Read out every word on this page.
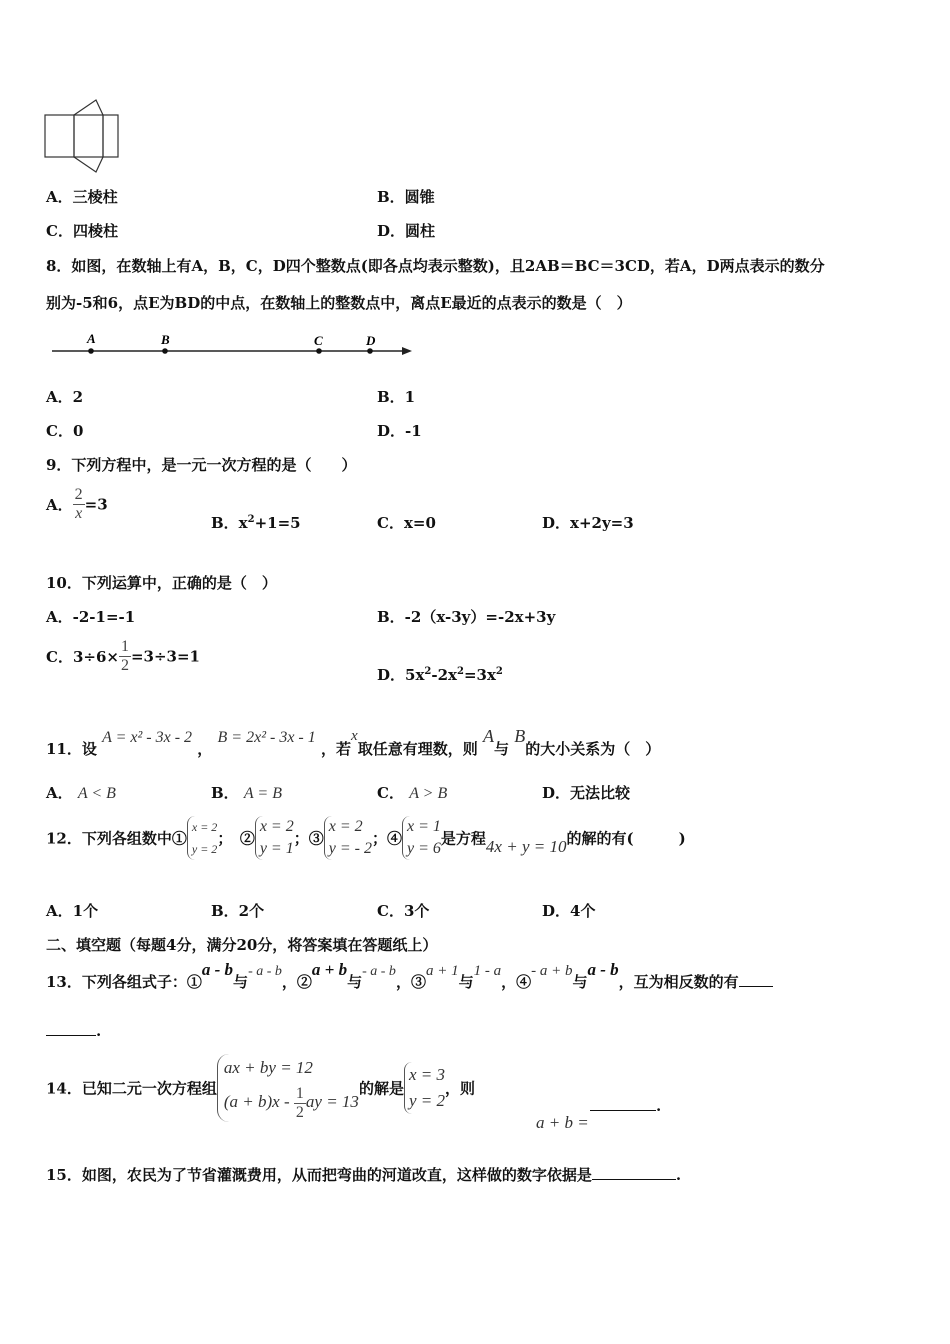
A．三棱柱	B．圆锥
C．四棱柱	D．圆柱
8．如图，在数轴上有A，B，C，D四个整数点(即各点均表示整数)，且2AB＝BC＝3CD，若A，D两点表示的数分
别为-5和6，点E为BD的中点，在数轴上的整数点中，离点E最近的点表示的数是（　）
A	B	C	D
A．2	B．1
C．0	D．-1
9．下列方程中，是一元一次方程的是（　　）
A． $\frac{2}{x} =3$
B．$x^2+1=5$	C．x=0	D．x+2y=3
10．下列运算中，正确的是（　）
A．-2-1=-1	B．-2（x-3y）=-2x+3y
C．$3\div 6\times \frac{1}{2} =3\div 3=1$
D．$5x^2-2x^2=3x^2$
11．设 A = x² - 3x - 2 ， B = 2x² - 3x - 1 ，若x取任意有理数，则 A与 B的大小关系为（　）
A． A < B	B． A = B	C． A > B	D．无法比较
12．下列各组数中①
x = 2
y = 2
；　②
x = 2
y = 1
；③
x = 2
y = - 2
；④
x = 1
y = 6
是方程4x + y = 10的解的有(　　　)
A．1个	B．2个	C．3个	D．4个
二、填空题（每题4分，满分20分，将答案填在答题纸上）
13．下列各组式子：①a - b与- a - b，②a + b与- a - b，③a + 1与1 - a，④- a + b与a - b，互为相反数的有
.
14．已知二元一次方程组
ax + by = 12
$(a + b)x - \frac{1}{2}$ ay = 13
的解是
x = 3
y = 2
，则
a + b =
.
15．如图，农民为了节省灌溉费用，从而把弯曲的河道改直，这样做的数字依据是	.
